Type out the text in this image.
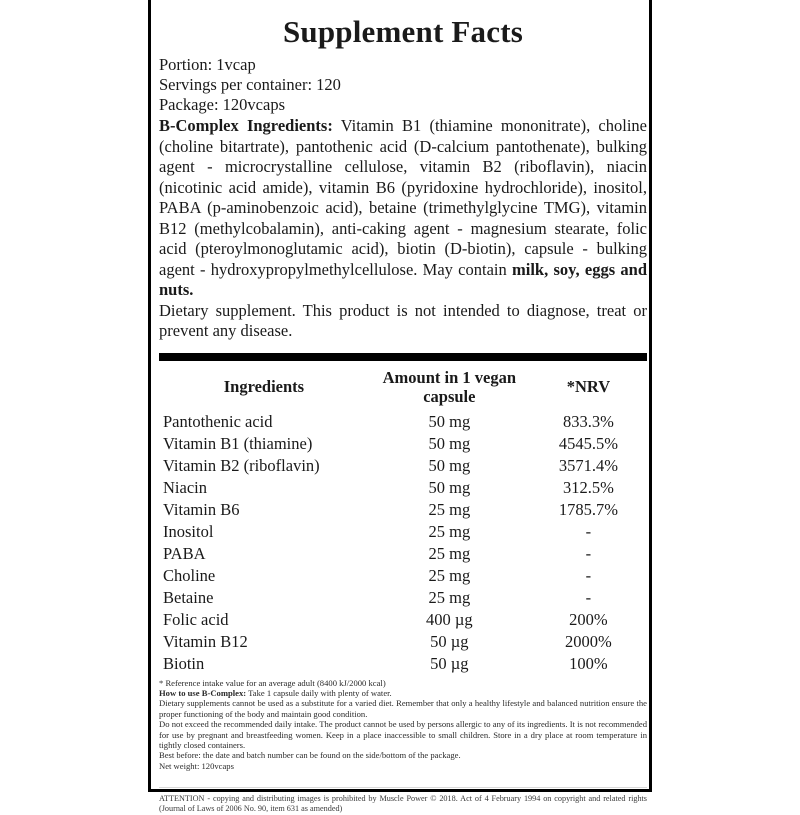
Supplement Facts
Portion: 1vcap
Servings per container: 120
Package: 120vcaps
B-Complex Ingredients: Vitamin B1 (thiamine mononitrate), choline (choline bitartrate), pantothenic acid (D-calcium pantothenate), bulking agent - microcrystalline cellulose, vitamin B2 (riboflavin), niacin (nicotinic acid amide), vitamin B6 (pyridoxine hydrochloride), inositol, PABA (p-aminobenzoic acid), betaine (trimethylglycine TMG), vitamin B12 (methylcobalamin), anti-caking agent - magnesium stearate, folic acid (pteroylmonoglutamic acid), biotin (D-biotin), capsule - bulking agent - hydroxypropylmethylcellulose. May contain milk, soy, eggs and nuts.
Dietary supplement. This product is not intended to diagnose, treat or prevent any disease.
Ingredients	Amount in 1 vegan capsule	*NRV
Pantothenic acid	50 mg	833.3%
Vitamin B1 (thiamine)	50 mg	4545.5%
Vitamin B2 (riboflavin)	50 mg	3571.4%
Niacin	50 mg	312.5%
Vitamin B6	25 mg	1785.7%
Inositol	25 mg	-
PABA	25 mg	-
Choline	25 mg	-
Betaine	25 mg	-
Folic acid	400 µg	200%
Vitamin B12	50 µg	2000%
Biotin	50 µg	100%
* Reference intake value for an average adult (8400 kJ/2000 kcal)
How to use B-Complex: Take 1 capsule daily with plenty of water.
Dietary supplements cannot be used as a substitute for a varied diet. Remember that only a healthy lifestyle and balanced nutrition ensure the proper functioning of the body and maintain good condition.
Do not exceed the recommended daily intake. The product cannot be used by persons allergic to any of its ingredients. It is not recommended for use by pregnant and breastfeeding women. Keep in a place inaccessible to small children. Store in a dry place at room temperature in tightly closed containers.
Best before: the date and batch number can be found on the side/bottom of the package.
Net weight: 120vcaps
ATTENTION - copying and distributing images is prohibited by Muscle Power © 2018. Act of 4 February 1994 on copyright and related rights (Journal of Laws of 2006 No. 90, item 631 as amended)
